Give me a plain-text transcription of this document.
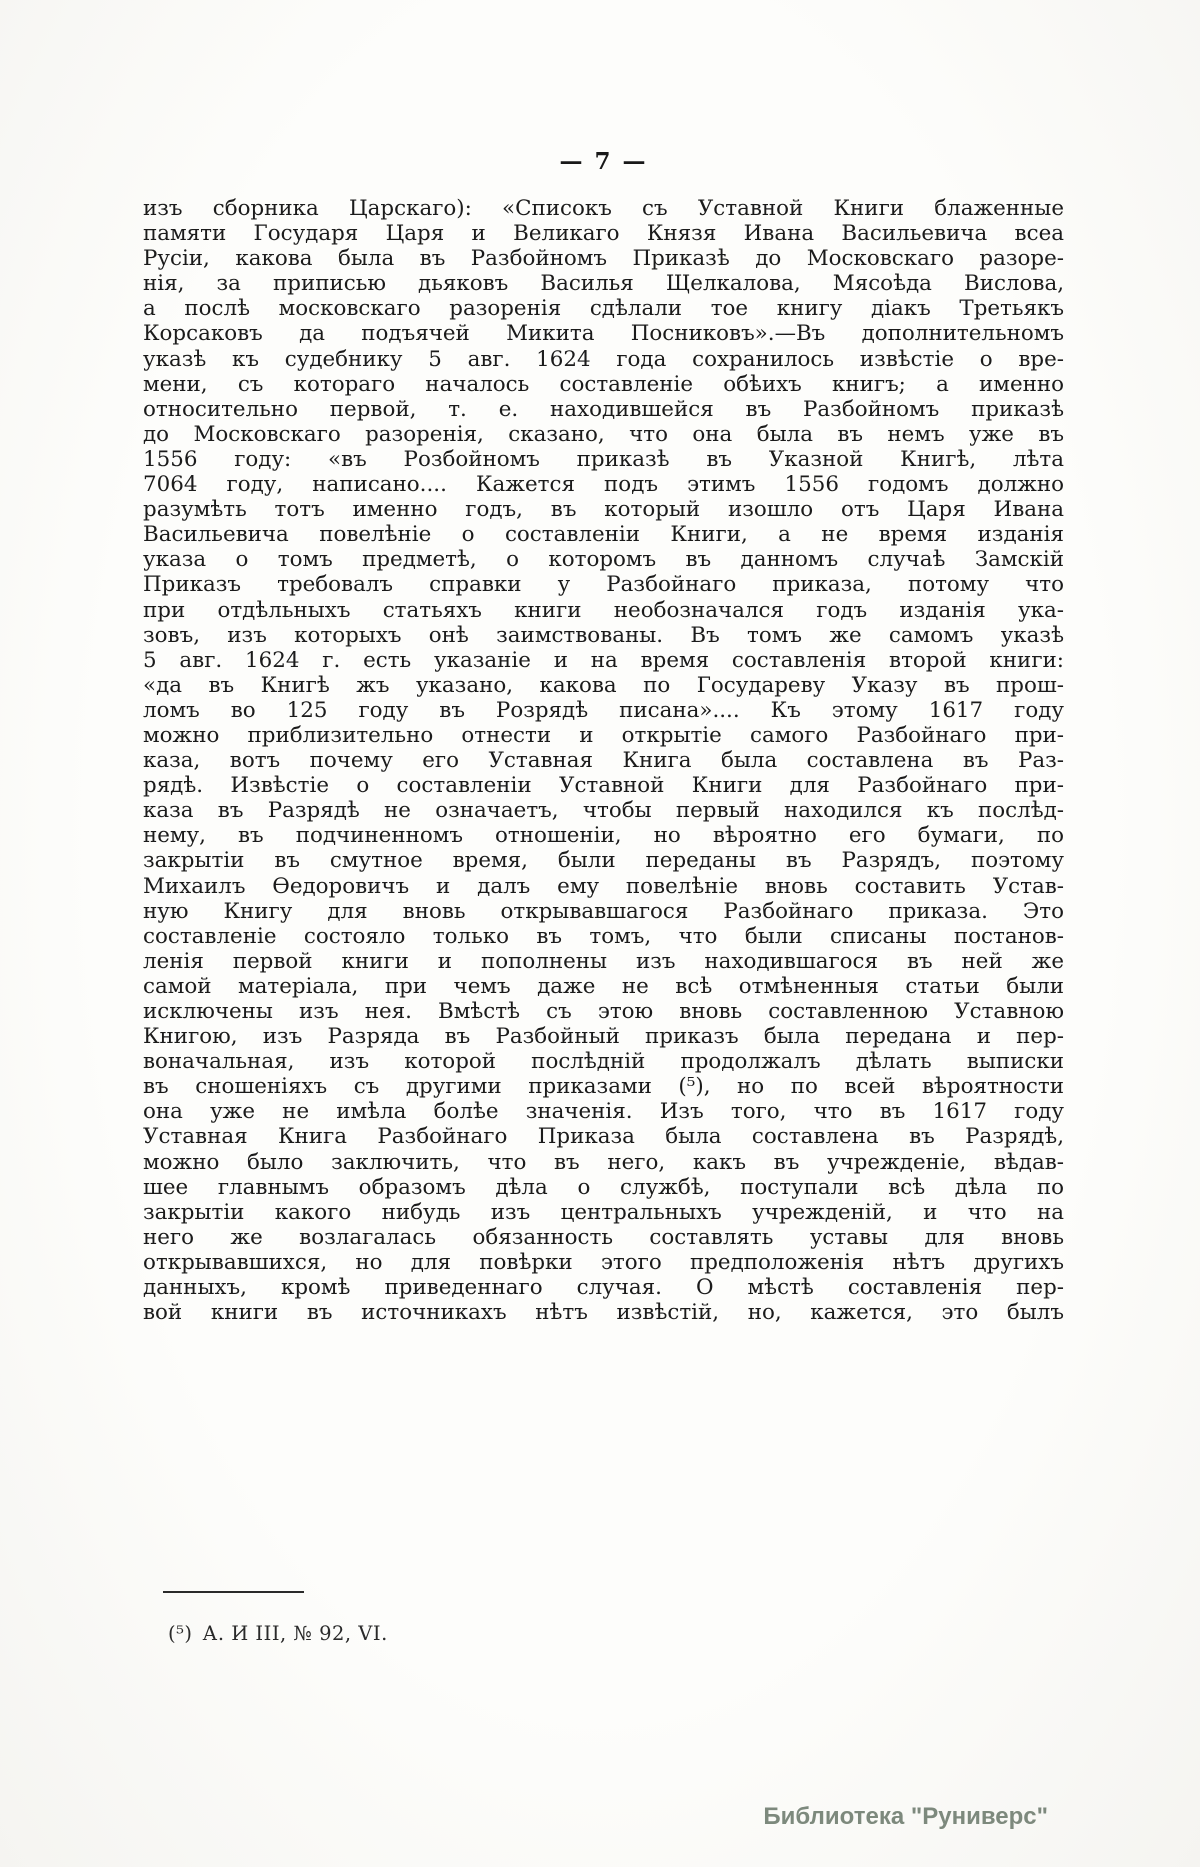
— 7 —
изъ сборника Царскаго): «Списокъ съ Уставной Книги блаженные
памяти Государя Царя и Великаго Князя Ивана Васильевича всеа
Русіи, какова была въ Разбойномъ Приказѣ до Московскаго разоре-
нія, за приписью дьяковъ Василья Щелкалова, Мясоѣда Вислова,
а послѣ московскаго разоренія сдѣлали тое книгу діакъ Третьякъ
Корсаковъ да подъячей Микита Посниковъ».—Въ дополнительномъ
указѣ къ судебнику 5 авг. 1624 года сохранилось извѣстіе о вре-
мени, съ котораго началось составленіе обѣихъ книгъ; а именно
относительно первой, т. е. находившейся въ Разбойномъ приказѣ
до Московскаго разоренія, сказано, что она была въ немъ уже въ
1556 году: «въ Розбойномъ приказѣ въ Указной Книгѣ, лѣта
7064 году, написано.... Кажется подъ этимъ 1556 годомъ должно
разумѣть тотъ именно годъ, въ который изошло отъ Царя Ивана
Васильевича повелѣніе о составленіи Книги, а не время изданія
указа о томъ предметѣ, о которомъ въ данномъ случаѣ Замскій
Приказъ требовалъ справки у Разбойнаго приказа, потому что
при отдѣльныхъ статьяхъ книги необозначался годъ изданія ука-
зовъ, изъ которыхъ онѣ заимствованы. Въ томъ же самомъ указѣ
5 авг. 1624 г. есть указаніе и на время составленія второй книги:
«да въ Книгѣ жъ указано, какова по Государеву Указу въ прош-
ломъ во 125 году въ Розрядѣ писана».... Къ этому 1617 году
можно приблизительно отнести и открытіе самого Разбойнаго при-
каза, вотъ почему его Уставная Книга была составлена въ Раз-
рядѣ. Извѣстіе о составленіи Уставной Книги для Разбойнаго при-
каза въ Разрядѣ не означаетъ, чтобы первый находился къ послѣд-
нему, въ подчиненномъ отношеніи, но вѣроятно его бумаги, по
закрытіи въ смутное время, были переданы въ Разрядъ, поэтому
Михаилъ Ѳедоровичъ и далъ ему повелѣніе вновь составить Устав-
ную Книгу для вновь открывавшагося Разбойнаго приказа. Это
составленіе состояло только въ томъ, что были списаны постанов-
ленія первой книги и пополнены изъ находившагося въ ней же
самой матеріала, при чемъ даже не всѣ отмѣненныя статьи были
исключены изъ нея. Вмѣстѣ съ этою вновь составленною Уставною
Книгою, изъ Разряда въ Разбойный приказъ была передана и пер-
воначальная, изъ которой послѣдній продолжалъ дѣлать выписки
въ сношеніяхъ съ другими приказами (⁵), но по всей вѣроятности
она уже не имѣла болѣе значенія. Изъ того, что въ 1617 году
Уставная Книга Разбойнаго Приказа была составлена въ Разрядѣ,
можно было заключить, что въ него, какъ въ учрежденіе, вѣдав-
шее главнымъ образомъ дѣла о службѣ, поступали всѣ дѣла по
закрытіи какого нибудь изъ центральныхъ учрежденій, и что на
него же возлагалась обязанность составлять уставы для вновь
открывавшихся, но для повѣрки этого предположенія нѣтъ другихъ
данныхъ, кромѣ приведеннаго случая. О мѣстѣ составленія пер-
вой книги въ источникахъ нѣтъ извѣстій, но, кажется, это былъ
(⁵) А. И III, № 92, VI.
Библиотека "Руниверс"
